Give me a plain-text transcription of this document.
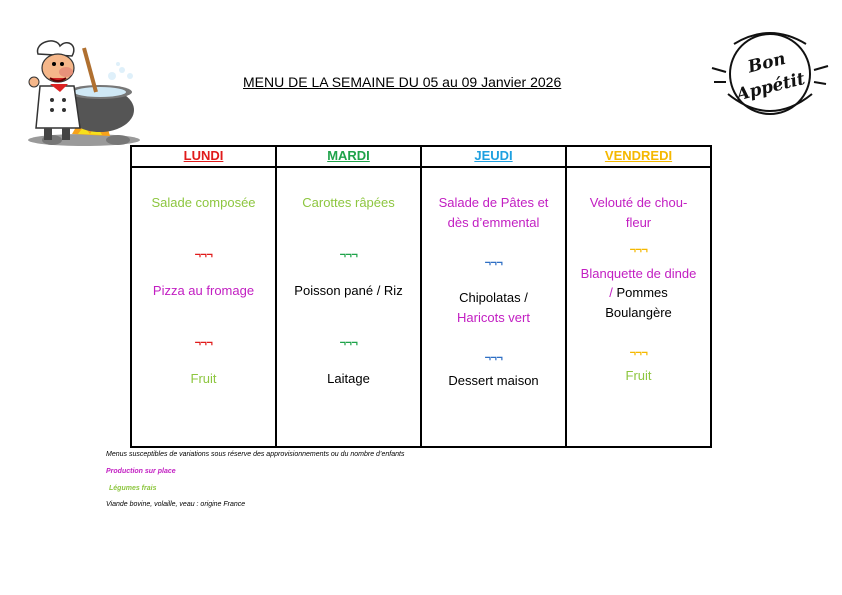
MENU DE LA SEMAINE DU 05 au 09 Janvier 2026
Bon
Appétit
LUNDI
Salade composée
¬¬¬
Pizza au fromage
¬¬¬
Fruit
MARDI
Carottes râpées
¬¬¬
Poisson pané / Riz
¬¬¬
Laitage
JEUDI
Salade de Pâtes et
dès d’emmental
¬¬¬
Chipolatas /
Haricots vert
¬¬¬
Dessert maison
VENDREDI
Velouté de chou-
fleur
¬¬¬
Blanquette de dinde
/ Pommes
Boulangère
¬¬¬
Fruit
Menus susceptibles de variations sous réserve des approvisionnements ou du nombre d’enfants
Production sur place
Légumes frais
Viande bovine, volaille, veau : origine France
